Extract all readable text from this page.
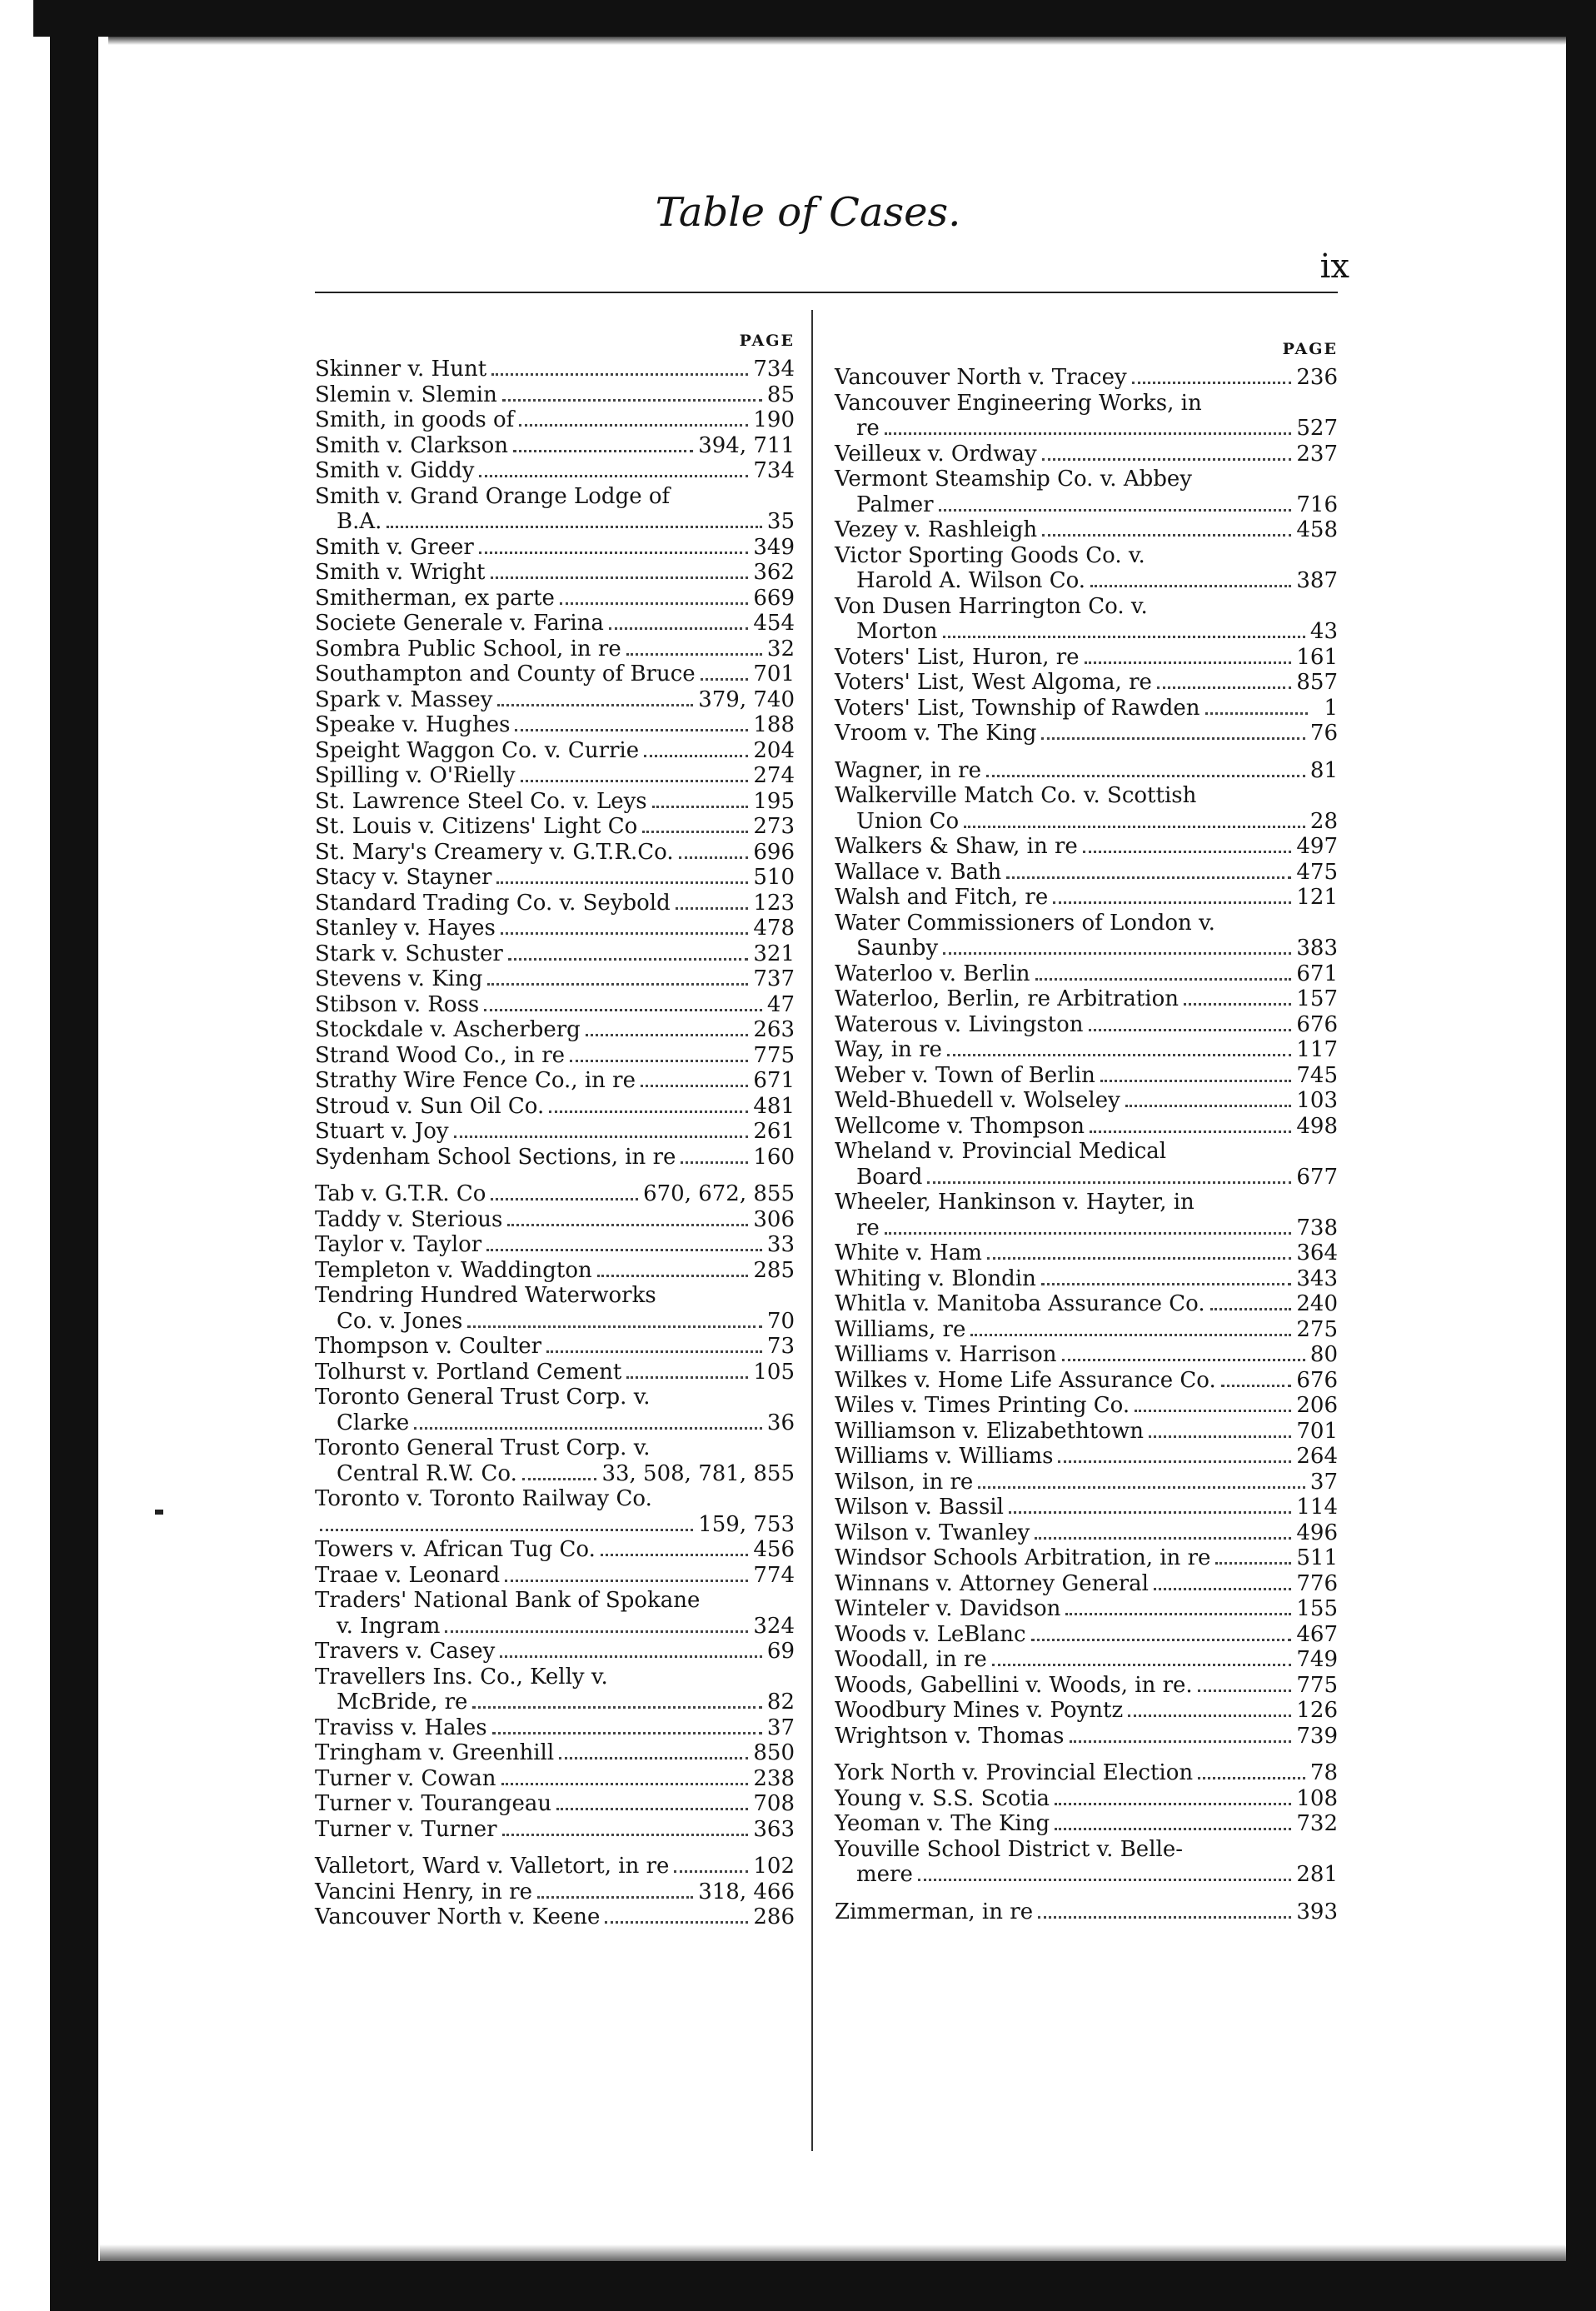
Table of Cases.
ix
PAGE
Skinner v. Hunt	734
Slemin v. Slemin	85
Smith, in goods of	190
Smith v. Clarkson	394, 711
Smith v. Giddy	734
Smith v. Grand Orange Lodge of
B.A.	35
Smith v. Greer	349
Smith v. Wright	362
Smitherman, ex parte	669
Societe Generale v. Farina	454
Sombra Public School, in re	32
Southampton and County of Bruce	701
Spark v. Massey	379, 740
Speake v. Hughes	188
Speight Waggon Co. v. Currie	204
Spilling v. O'Rielly	274
St. Lawrence Steel Co. v. Leys	195
St. Louis v. Citizens' Light Co	273
St. Mary's Creamery v. G.T.R.Co.	696
Stacy v. Stayner	510
Standard Trading Co. v. Seybold	123
Stanley v. Hayes	478
Stark v. Schuster	321
Stevens v. King	737
Stibson v. Ross	47
Stockdale v. Ascherberg	263
Strand Wood Co., in re	775
Strathy Wire Fence Co., in re	671
Stroud v. Sun Oil Co.	481
Stuart v. Joy	261
Sydenham School Sections, in re	160
Tab v. G.T.R. Co	670, 672, 855
Taddy v. Sterious	306
Taylor v. Taylor	33
Templeton v. Waddington	285
Tendring Hundred Waterworks
Co. v. Jones	70
Thompson v. Coulter	73
Tolhurst v. Portland Cement	105
Toronto General Trust Corp. v.
Clarke	36
Toronto General Trust Corp. v.
Central R.W. Co.	33, 508, 781, 855
Toronto v. Toronto Railway Co.
159, 753
Towers v. African Tug Co.	456
Traae v. Leonard	774
Traders' National Bank of Spokane
v. Ingram	324
Travers v. Casey	69
Travellers Ins. Co., Kelly v.
McBride, re	82
Traviss v. Hales	37
Tringham v. Greenhill	850
Turner v. Cowan	238
Turner v. Tourangeau	708
Turner v. Turner	363
Valletort, Ward v. Valletort, in re	102
Vancini Henry, in re	318, 466
Vancouver North v. Keene	286
PAGE
Vancouver North v. Tracey	236
Vancouver Engineering Works, in
re	527
Veilleux v. Ordway	237
Vermont Steamship Co. v. Abbey
Palmer	716
Vezey v. Rashleigh	458
Victor Sporting Goods Co. v.
Harold A. Wilson Co.	387
Von Dusen Harrington Co. v.
Morton	43
Voters' List, Huron, re	161
Voters' List, West Algoma, re	857
Voters' List, Township of Rawden	1
Vroom v. The King	76
Wagner, in re	81
Walkerville Match Co. v. Scottish
Union Co	28
Walkers & Shaw, in re	497
Wallace v. Bath	475
Walsh and Fitch, re	121
Water Commissioners of London v.
Saunby	383
Waterloo v. Berlin	671
Waterloo, Berlin, re Arbitration	157
Waterous v. Livingston	676
Way, in re	117
Weber v. Town of Berlin	745
Weld-Bhuedell v. Wolseley	103
Wellcome v. Thompson	498
Wheland v. Provincial Medical
Board	677
Wheeler, Hankinson v. Hayter, in
re	738
White v. Ham	364
Whiting v. Blondin	343
Whitla v. Manitoba Assurance Co.	240
Williams, re	275
Williams v. Harrison	80
Wilkes v. Home Life Assurance Co.	676
Wiles v. Times Printing Co.	206
Williamson v. Elizabethtown	701
Williams v. Williams	264
Wilson, in re	37
Wilson v. Bassil	114
Wilson v. Twanley	496
Windsor Schools Arbitration, in re	511
Winnans v. Attorney General	776
Winteler v. Davidson	155
Woods v. LeBlanc	467
Woodall, in re	749
Woods, Gabellini v. Woods, in re.	775
Woodbury Mines v. Poyntz	126
Wrightson v. Thomas	739
York North v. Provincial Election	78
Young v. S.S. Scotia	108
Yeoman v. The King	732
Youville School District v. Belle-
mere	281
Zimmerman, in re	393
